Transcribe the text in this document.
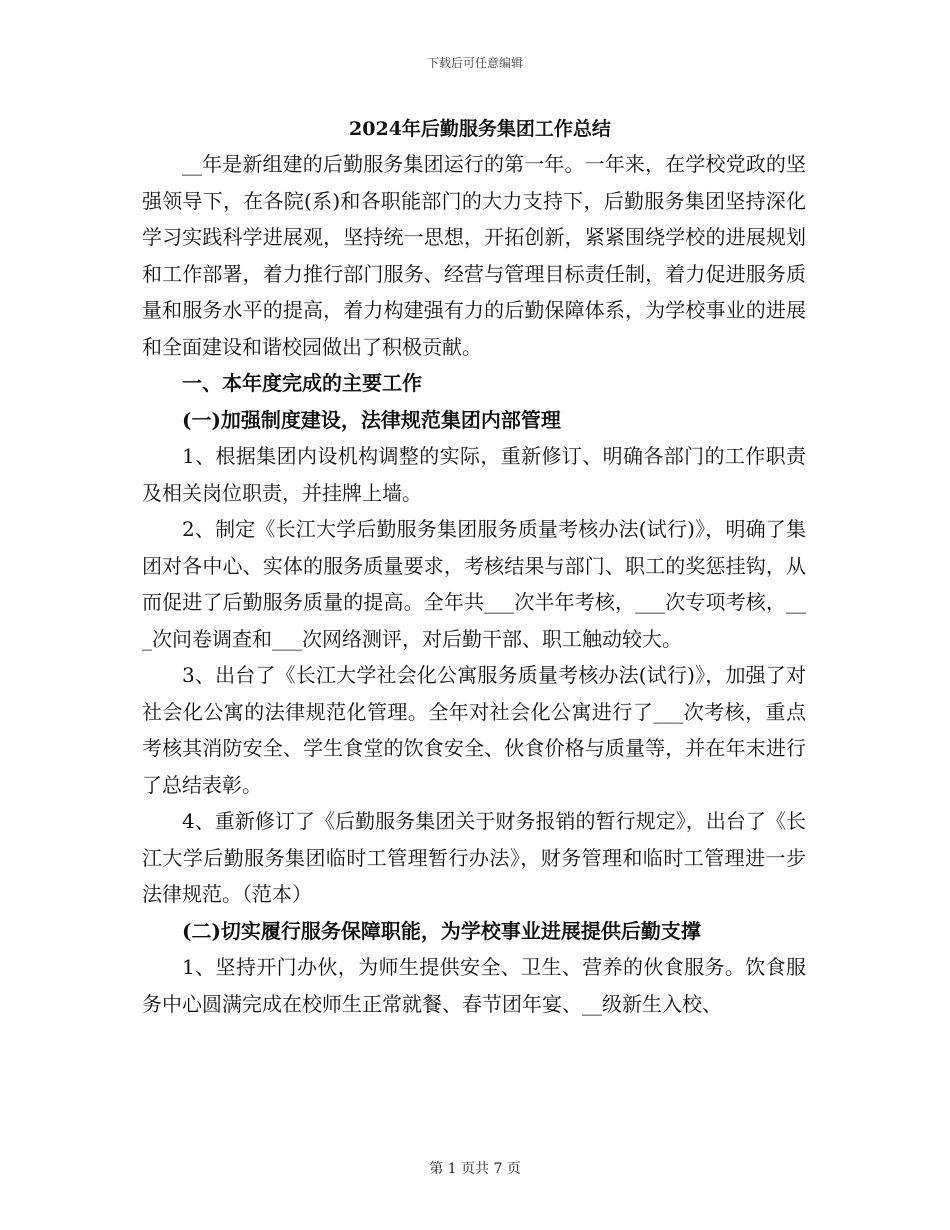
下载后可任意编辑
2024年后勤服务集团工作总结

__年是新组建的后勤服务集团运行的第一年。一年来，在学校党政的坚强领导下，在各院(系)和各职能部门的大力支持下，后勤服务集团坚持深化学习实践科学进展观，坚持统一思想，开拓创新，紧紧围绕学校的进展规划和工作部署，着力推行部门服务、经营与管理目标责任制，着力促进服务质量和服务水平的提高，着力构建强有力的后勤保障体系，为学校事业的进展和全面建设和谐校园做出了积极贡献。

一、本年度完成的主要工作

(一)加强制度建设，法律规范集团内部管理

1、根据集团内设机构调整的实际，重新修订、明确各部门的工作职责及相关岗位职责，并挂牌上墙。

2、制定《长江大学后勤服务集团服务质量考核办法(试行)》，明确了集团对各中心、实体的服务质量要求，考核结果与部门、职工的奖惩挂钩，从而促进了后勤服务质量的提高。全年共___次半年考核，___次专项考核，___次问卷调查和___次网络测评，对后勤干部、职工触动较大。

3、出台了《长江大学社会化公寓服务质量考核办法(试行)》，加强了对社会化公寓的法律规范化管理。全年对社会化公寓进行了___次考核，重点考核其消防安全、学生食堂的饮食安全、伙食价格与质量等，并在年末进行了总结表彰。

4、重新修订了《后勤服务集团关于财务报销的暂行规定》，出台了《长江大学后勤服务集团临时工管理暂行办法》，财务管理和临时工管理进一步法律规范。（范本）

(二)切实履行服务保障职能，为学校事业进展提供后勤支撑

1、坚持开门办伙，为师生提供安全、卫生、营养的伙食服务。饮食服务中心圆满完成在校师生正常就餐、春节团年宴、__级新生入校、

第 1 页共 7 页
